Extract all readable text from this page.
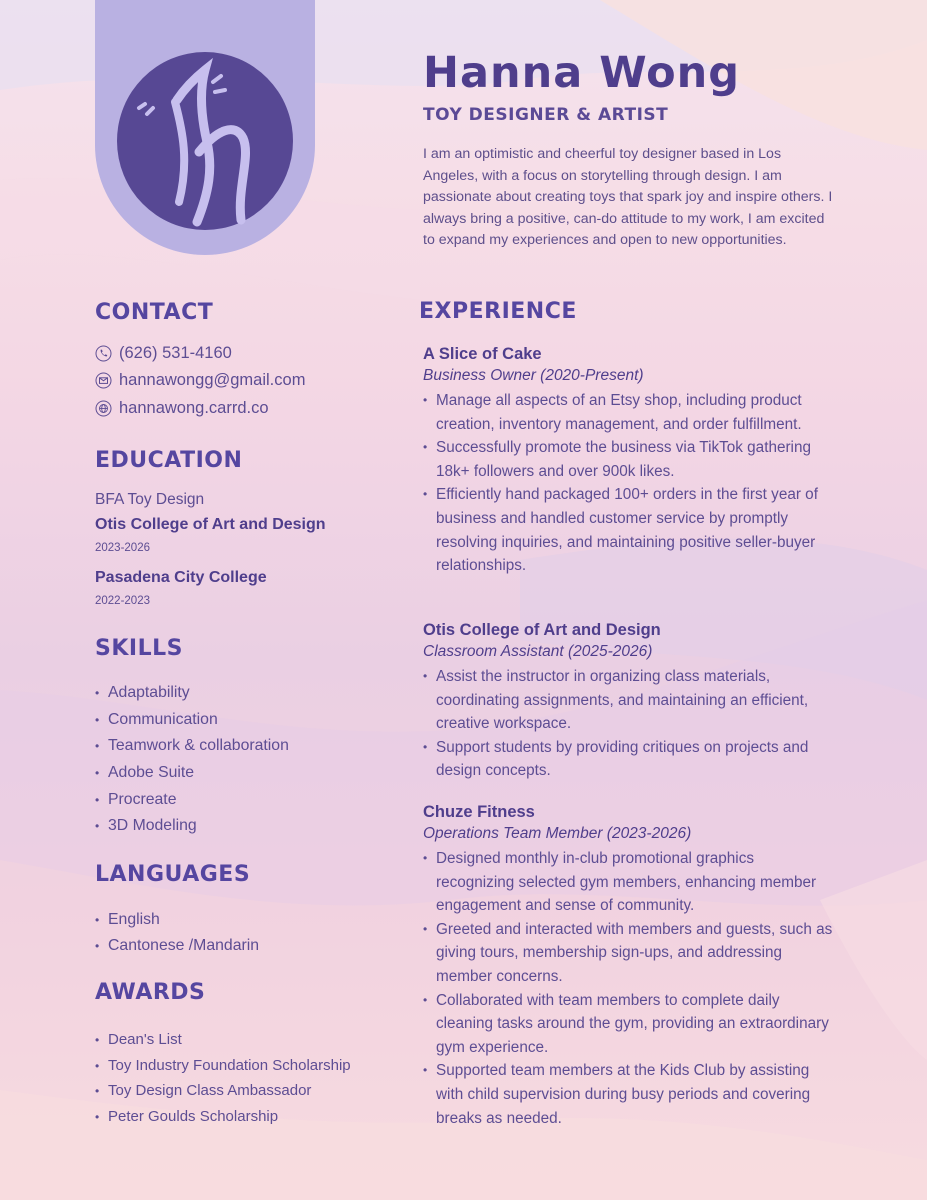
Hanna Wong
TOY DESIGNER & ARTIST

I am an optimistic and cheerful toy designer based in Los Angeles, with a focus on storytelling through design. I am passionate about creating toys that spark joy and inspire others. I always bring a positive, can-do attitude to my work, I am excited to expand my experiences and open to new opportunities.

CONTACT
(626) 531-4160
hannawongg@gmail.com
hannawong.carrd.co
EDUCATION
BFA Toy Design
Otis College of Art and Design
2023-2026
Pasadena City College
2022-2023
SKILLS
• Adaptability
• Communication
• Teamwork & collaboration
• Adobe Suite
• Procreate
• 3D Modeling
LANGUAGES
• English
• Cantonese /Mandarin
AWARDS
• Dean's List
• Toy Industry Foundation Scholarship
• Toy Design Class Ambassador
• Peter Goulds Scholarship
EXPERIENCE
A Slice of Cake
Business Owner (2020-Present)
• Manage all aspects of an Etsy shop, including product creation, inventory management, and order fulfillment.
• Successfully promote the business via TikTok gathering 18k+ followers and over 900k likes.
• Efficiently hand packaged 100+ orders in the first year of business and handled customer service by promptly resolving inquiries, and maintaining positive seller-buyer relationships.
Otis College of Art and Design
Classroom Assistant (2025-2026)
• Assist the instructor in organizing class materials, coordinating assignments, and maintaining an efficient, creative workspace.
• Support students by providing critiques on projects and design concepts.
Chuze Fitness
Operations Team Member (2023-2026)
• Designed monthly in-club promotional graphics recognizing selected gym members, enhancing member engagement and sense of community.
• Greeted and interacted with members and guests, such as giving tours, membership sign-ups, and addressing member concerns.
• Collaborated with team members to complete daily cleaning tasks around the gym, providing an extraordinary gym experience.
• Supported team members at the Kids Club by assisting with child supervision during busy periods and covering breaks as needed.
